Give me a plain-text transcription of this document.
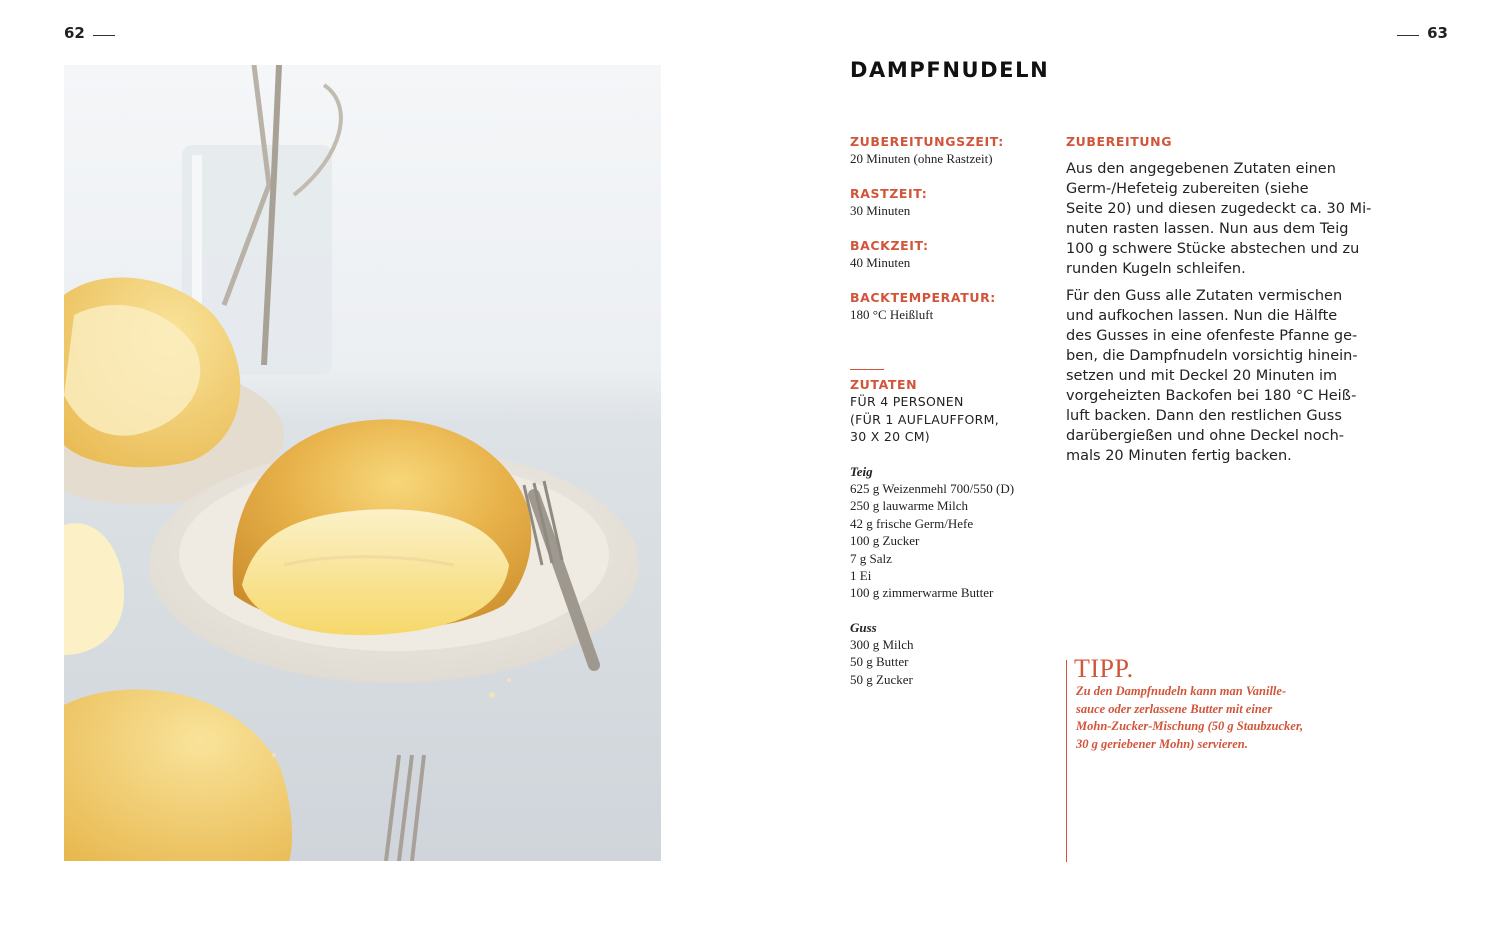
62	63
DAMPFNUDELN
ZUBEREITUNGSZEIT:
20 Minuten (ohne Rastzeit)
RASTZEIT:
30 Minuten
BACKZEIT:
40 Minuten
BACKTEMPERATUR:
180 °C Heißluft
ZUTATEN
FÜR 4 PERSONEN
(FÜR 1 AUFLAUFFORM,
30 X 20 CM)
Teig
625 g Weizenmehl 700/550 (D)
250 g lauwarme Milch
42 g frische Germ/Hefe
100 g Zucker
7 g Salz
1 Ei
100 g zimmerwarme Butter
Guss
300 g Milch
50 g Butter
50 g Zucker
ZUBEREITUNG

Aus den angegebenen Zutaten einen
Germ-/Hefeteig zubereiten (siehe
Seite 20) und diesen zugedeckt ca. 30 Mi-
nuten rasten lassen. Nun aus dem Teig
100 g schwere Stücke abstechen und zu
runden Kugeln schleifen.

Für den Guss alle Zutaten vermischen
und aufkochen lassen. Nun die Hälfte
des Gusses in eine ofenfeste Pfanne ge-
ben, die Dampfnudeln vorsichtig hinein-
setzen und mit Deckel 20 Minuten im
vorgeheizten Backofen bei 180 °C Heiß-
luft backen. Dann den restlichen Guss
darübergießen und ohne Deckel noch-
mals 20 Minuten fertig backen.

TIPP.
Zu den Dampfnudeln kann man Vanille-
sauce oder zerlassene Butter mit einer
Mohn-Zucker-Mischung (50 g Staubzucker,
30 g geriebener Mohn) servieren.
